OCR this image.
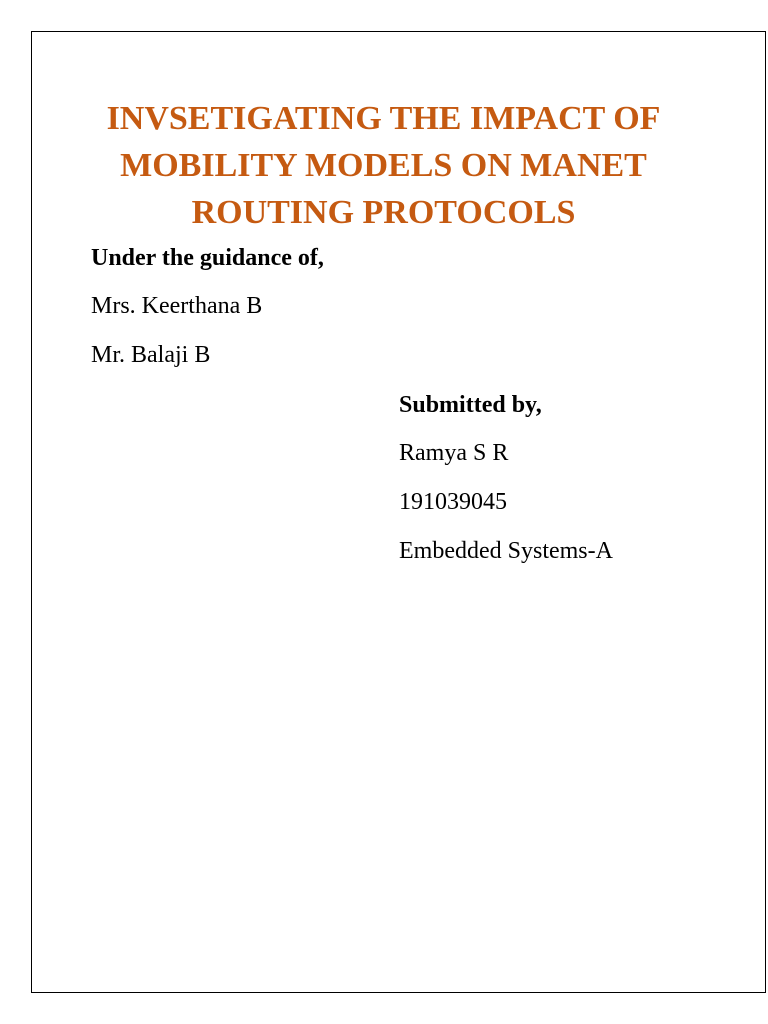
INVSETIGATING THE IMPACT OF
MOBILITY MODELS ON MANET
ROUTING PROTOCOLS

Under the guidance of,

Mrs. Keerthana B

Mr. Balaji B

Submitted by,

Ramya S R

191039045

Embedded Systems-A
